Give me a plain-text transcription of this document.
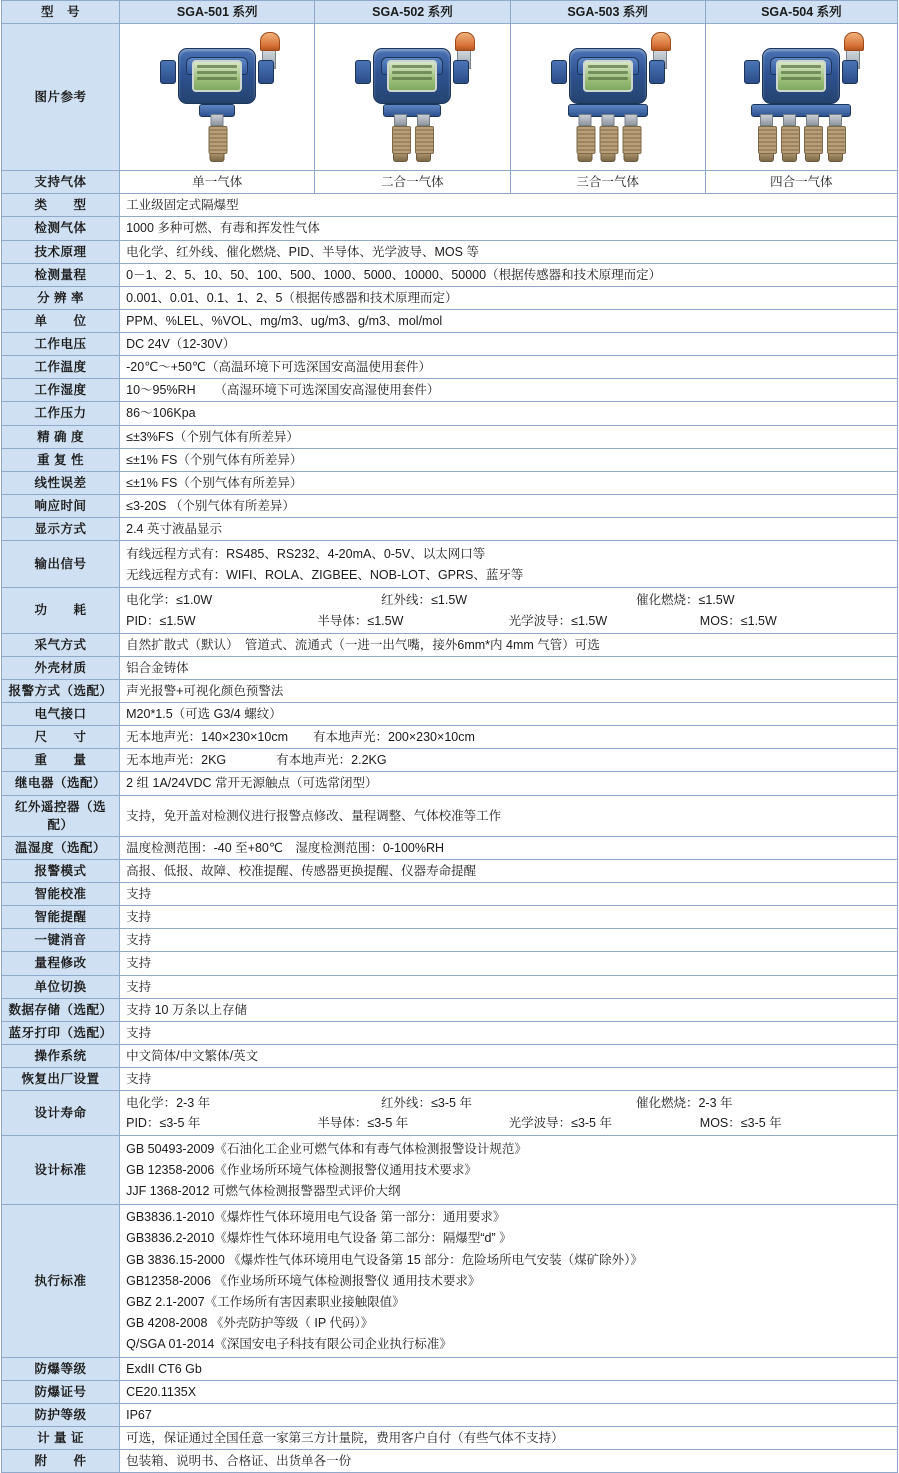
型　号	SGA-501 系列	SGA-502 系列	SGA-503 系列	SGA-504 系列
图片参考	

支持气体	单一气体	二合一气体	三合一气体	四合一气体
类　　型	工业级固定式隔爆型			
检测气体	1000 多种可燃、有毒和挥发性气体			
技术原理	电化学、红外线、催化燃烧、PID、半导体、光学波导、MOS 等			
检测量程	0－1、2、5、10、50、100、500、1000、5000、10000、50000（根据传感器和技术原理而定）			
分 辨 率	0.001、0.01、0.1、1、2、5（根据传感器和技术原理而定）			
单　　位	PPM、%LEL、%VOL、mg/m3、ug/m3、g/m3、mol/mol			
工作电压	DC 24V（12-30V）			
工作温度	-20℃～+50℃（高温环境下可选深国安高温使用套件）			
工作湿度	10～95%RH　　（高湿环境下可选深国安高湿使用套件）			
工作压力	86～106Kpa			
精 确 度	≤±3%FS（个别气体有所差异）			
重 复 性	≤±1% FS（个别气体有所差异）			
线性误差	≤±1% FS（个别气体有所差异）			
响应时间	≤3-20S （个别气体有所差异）			
显示方式	2.4 英寸液晶显示			
输出信号	有线远程方式有：RS485、RS232、4-20mA、0-5V、以太网口等
无线远程方式有：WIFI、ROLA、ZIGBEE、NOB-LOT、GPRS、蓝牙等			

功　　耗	
电化学：≤1.0W	红外线：≤1.5W	催化燃烧：≤1.5W
PID：≤1.5W	半导体：≤1.5W	光学波导：≤1.5W	MOS：≤1.5W

采气方式	自然扩散式（默认）　管道式、流通式（一进一出气嘴，接外6mm*内 4mm 气管）可选			
外壳材质	铝合金铸体			
报警方式（选配）	声光报警+可视化颜色预警法			
电气接口	M20*1.5（可选 G3/4 螺纹）			
尺　　寸	无本地声光：140×230×10cm　　有本地声光：200×230×10cm			
重　　量	无本地声光：2KG　　　　有本地声光：2.2KG			
继电器（选配）	2 组 1A/24VDC 常开无源触点（可选常闭型）			
红外遥控器（选配）	支持，免开盖对检测仪进行报警点修改、量程调整、气体校准等工作			
温湿度（选配）	温度检测范围：-40 至+80℃　湿度检测范围：0-100%RH			
报警模式	高报、低报、故障、校准提醒、传感器更换提醒、仪器寿命提醒			
智能校准	支持			
智能提醒	支持			
一键消音	支持			
量程修改	支持			
单位切换	支持			
数据存储（选配）	支持 10 万条以上存储			
蓝牙打印（选配）	支持			
操作系统	中文简体/中文繁体/英文			
恢复出厂设置	支持			
设计寿命	
电化学：2-3 年	红外线：≤3-5 年	催化燃烧：2-3 年
PID：≤3-5 年	半导体：≤3-5 年	光学波导：≤3-5 年	MOS：≤3-5 年

设计标准	GB 50493-2009《石油化工企业可燃气体和有毒气体检测报警设计规范》
GB 12358-2006《作业场所环境气体检测报警仪通用技术要求》
JJF 1368-2012 可燃气体检测报警器型式评价大纲			

执行标准	
GB3836.1-2010《爆炸性气体环境用电气设备 第一部分：通用要求》
GB3836.2-2010《爆炸性气体环境用电气设备 第二部分：隔爆型“d” 》
GB 3836.15-2000 《爆炸性气体环境用电气设备第 15 部分：危险场所电气安装（煤矿除外）》
GB12358-2006 《作业场所环境气体检测报警仪 通用技术要求》
GBZ 2.1-2007《工作场所有害因素职业接触限值》
GB 4208-2008 《外壳防护等级（ IP 代码）》
Q/SGA 01-2014《深国安电子科技有限公司企业执行标准》

防爆等级	ExdII CT6 Gb			
防爆证号	CE20.1135X			
防护等级	IP67			
计 量 证	可选，保证通过全国任意一家第三方计量院，费用客户自付（有些气体不支持）			
附　　件	包装箱、说明书、合格证、出货单各一份			
